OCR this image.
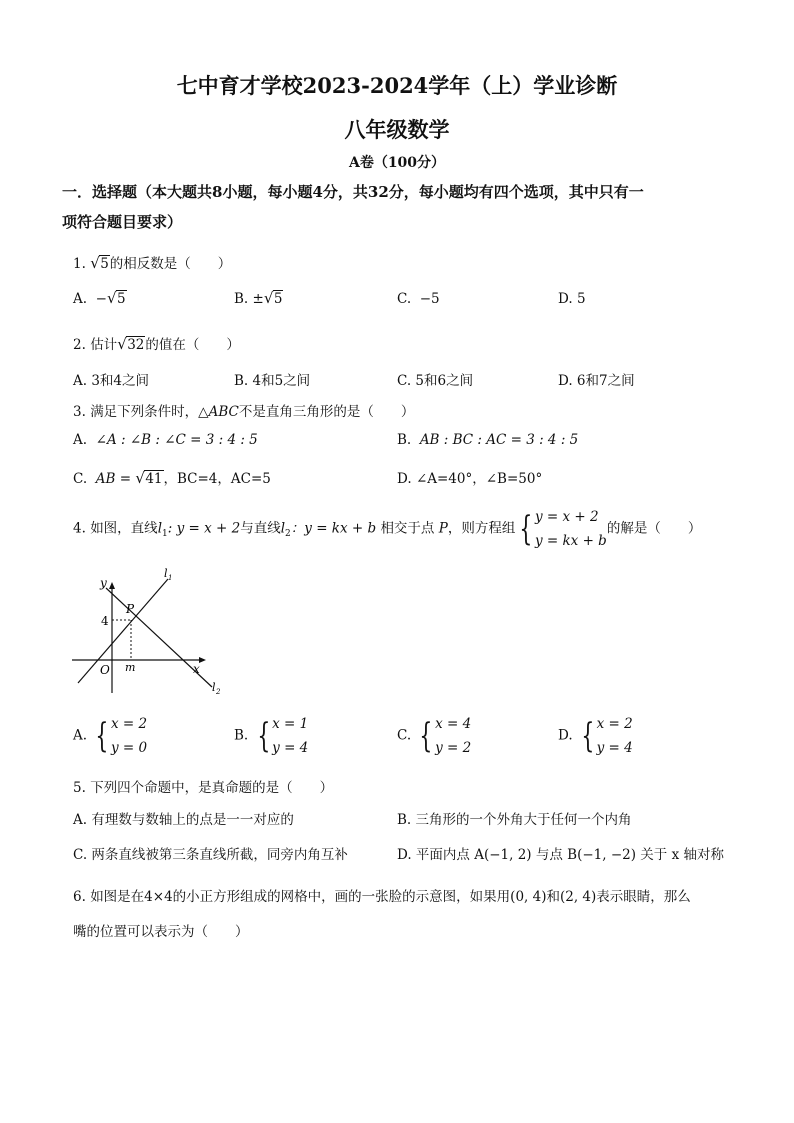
七中育才学校2023-2024学年（上）学业诊断
八年级数学
A卷（100分）
一．选择题（本大题共8小题，每小题4分，共32分，每小题均有四个选项，其中只有一
项符合题目要求）
1. √ 5的相反数是（　　）
A. − √ 5	B. ± √ 5	C. −5	D. 5
2. 估计 √ 32的值在（　　）
A. 3和4之间	B. 4和5之间	C. 5和6之间	D. 6和7之间
3. 满足下列条件时，△ABC不是直角三角形的是（　　）
A. ∠A : ∠B : ∠C = 3 : 4 : 5	B. AB : BC : AC = 3 : 4 : 5
C. AB = √ 41，BC=4，AC=5	D. ∠A=40°，∠B=50°
4. 如图，直线$l_1$: y = x + 2与直线$l_2$：y = kx + b 相交于点 P，则方程组 { y = x + 2
y = kx + b的解是（　　）
y
x
O
P
4
m
l 1
l 2
A. { x = 2
y = 0
B. { x = 1
y = 4
C. { x = 4
y = 2
D. { x = 2
y = 4
5. 下列四个命题中，是真命题的是（　　）
A. 有理数与数轴上的点是一一对应的	B. 三角形的一个外角大于任何一个内角
C. 两条直线被第三条直线所截，同旁内角互补	D. 平面内点 A(−1, 2) 与点 B(−1, −2) 关于 x 轴对称
6. 如图是在4×4的小正方形组成的网格中，画的一张脸的示意图，如果用(0, 4)和(2, 4)表示眼睛，那么
嘴的位置可以表示为（　　）
